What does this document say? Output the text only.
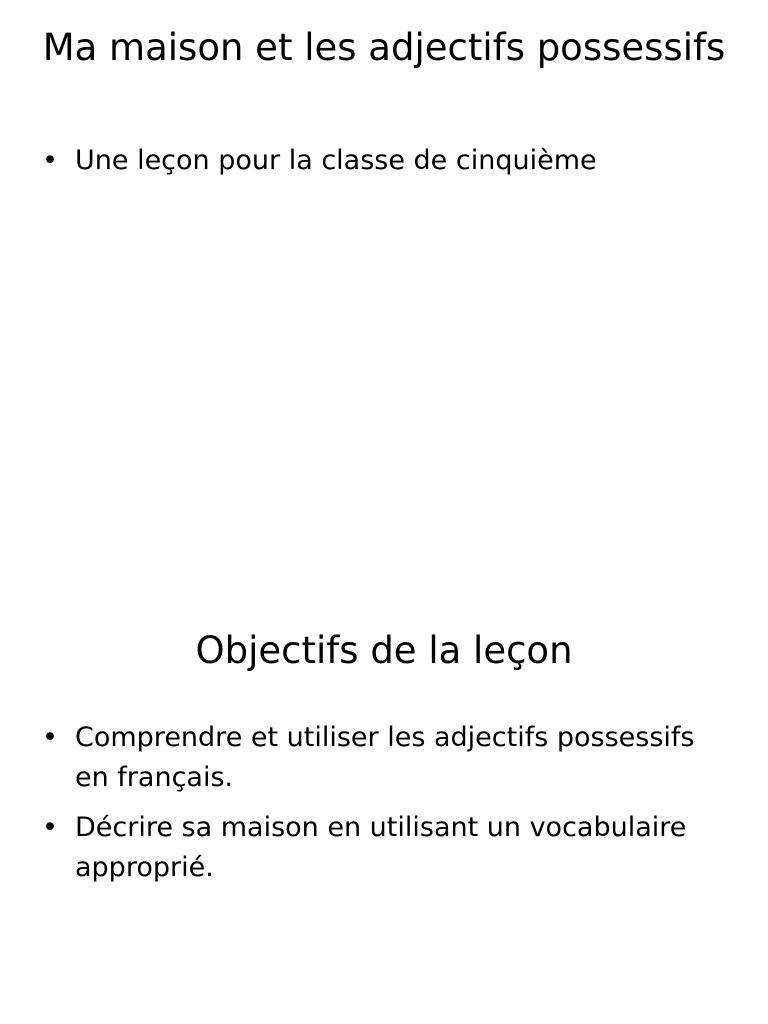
Ma maison et les adjectifs possessifs
• Une leçon pour la classe de cinquième
Objectifs de la leçon
• Comprendre et utiliser les adjectifs possessifs en français.
• Décrire sa maison en utilisant un vocabulaire approprié.
